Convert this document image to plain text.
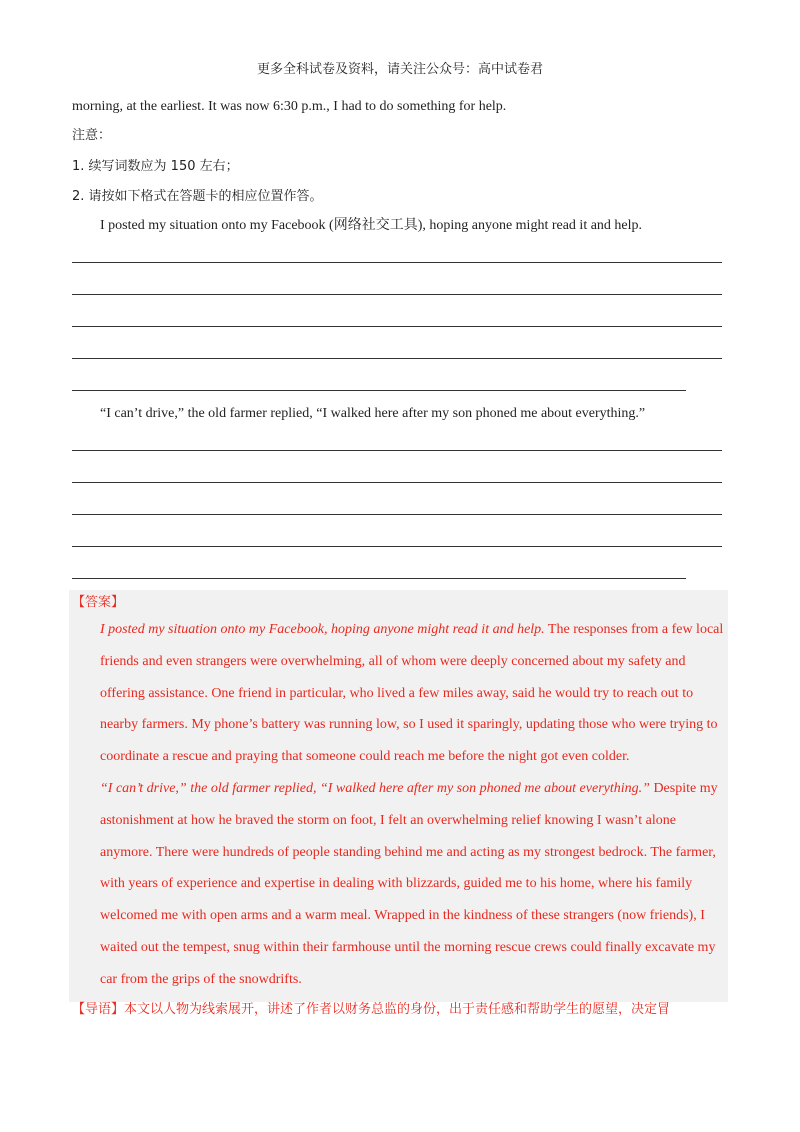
更多全科试卷及资料，请关注公众号：高中试卷君
morning, at the earliest. It was now 6:30 p.m., I had to do something for help.
注意：
1. 续写词数应为 150 左右；
2. 请按如下格式在答题卡的相应位置作答。
I posted my situation onto my Facebook (网络社交工具), hoping anyone might read it and help.
“I can’t drive,” the old farmer replied, “I walked here after my son phoned me about everything.”
【答案】

I posted my situation onto my Facebook, hoping anyone might read it and help. The responses from a few local friends and even strangers were overwhelming, all of whom were deeply concerned about my safety and offering assistance. One friend in particular, who lived a few miles away, said he would try to reach out to nearby farmers. My phone’s battery was running low, so I used it sparingly, updating those who were trying to coordinate a rescue and praying that someone could reach me before the night got even colder.

“I can’t drive,” the old farmer replied, “I walked here after my son phoned me about everything.” Despite my astonishment at how he braved the storm on foot, I felt an overwhelming relief knowing I wasn’t alone anymore. There were hundreds of people standing behind me and acting as my strongest bedrock. The farmer, with years of experience and expertise in dealing with blizzards, guided me to his home, where his family welcomed me with open arms and a warm meal. Wrapped in the kindness of these strangers (now friends), I waited out the tempest, snug within their farmhouse until the morning rescue crews could finally excavate my car from the grips of the snowdrifts.

【导语】本文以人物为线索展开，讲述了作者以财务总监的身份，出于责任感和帮助学生的愿望，决定冒
